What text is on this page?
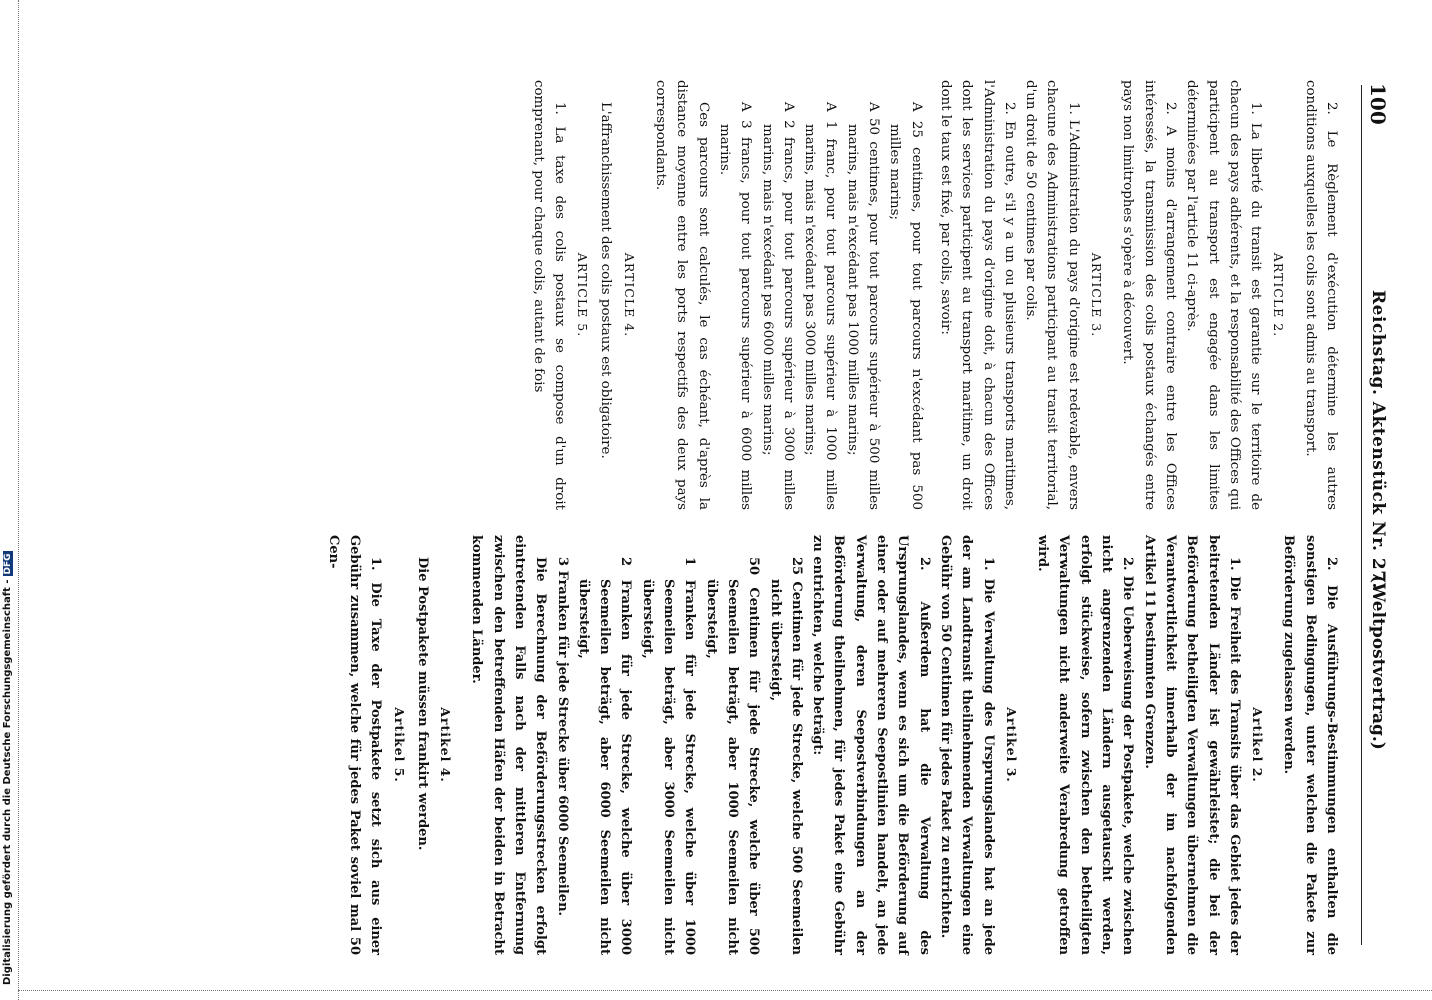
Digitalisierung gefördert durch die Deutsche Forschungsgemeinschaft -DFG
100
Reichstag. Aktenstück Nr. 27.
(Weltpostvertrag.)

2. Le Règlement d'exécution détermine les autres conditions auxquelles les colis sont admis au transport.

ARTICLE 2.

1. La liberté du transit est garantie sur le territoire de chacun des pays adhérents, et la responsabilité des Offices qui participent au transport est engagée dans les limites déterminées par l'article 11 ci-après.

2. A moins d'arrangement contraire entre les Offices intéressés, la transmission des colis postaux échangés entre pays non limitrophes s'opère à découvert.

ARTICLE 3.

1. L'Administration du pays d'origine est redevable, envers chacune des Administrations participant au transit territorial, d'un droit de 50 centimes par colis.

2. En outre, s'il y a un ou plusieurs transports maritimes, l'Administration du pays d'origine doit, à chacun des Offices dont les services participent au transport maritime, un droit dont le taux est fixé, par colis, savoir:

A 25 centimes, pour tout parcours n'excédant pas 500 milles marins;

A 50 centimes, pour tout parcours supérieur à 500 milles marins, mais n'excédant pas 1000 milles marins;

A 1 franc, pour tout parcours supérieur à 1000 milles marins, mais n'excédant pas 3000 milles marins;

A 2 francs, pour tout parcours supérieur à 3000 milles marins, mais n'excédant pas 6000 milles marins;

A 3 francs, pour tout parcours supérieur à 6000 milles marins.

Ces parcours sont calculés, le cas échéant, d'après la distance moyenne entre les ports respectifs des deux pays correspondants.

ARTICLE 4.

L'affranchissement des colis postaux est obligatoire.

ARTICLE 5.

1. La taxe des colis postaux se compose d'un droit comprenant, pour chaque colis, autant de fois

2. Die Ausführungs-Bestimmungen enthalten die sonstigen Bedingungen, unter welchen die Pakete zur Beförderung zugelassen werden.

Artikel 2.

1. Die Freiheit des Transits über das Gebiet jedes der beitretenden Länder ist gewährleistet; die bei der Beförderung betheiligten Verwaltungen übernehmen die Verantwortlichkeit innerhalb der im nachfolgenden Artikel 11 bestimmten Grenzen.

2. Die Ueberweisung der Postpakete, welche zwischen nicht angrenzenden Ländern ausgetauscht werden, erfolgt stückweise, sofern zwischen den betheiligten Verwaltungen nicht anderweite Verabredung getroffen wird.

Artikel 3.

1. Die Verwaltung des Ursprungslandes hat an jede der am Landtransit theilnehmenden Verwaltungen eine Gebühr von 50 Centimen für jedes Paket zu entrichten.

2. Außerdem hat die Verwaltung des Ursprungslandes, wenn es sich um die Beförderung auf einer oder auf mehreren Seepostlinien handelt, an jede Verwaltung, deren Seepostverbindungen an der Beförderung theilnehmen, für jedes Paket eine Gebühr zu entrichten, welche beträgt:

25 Centimen für jede Strecke, welche 500 Seemeilen nicht übersteigt,

50 Centimen für jede Strecke, welche über 500 Seemeilen beträgt, aber 1000 Seemeilen nicht übersteigt,

1 Franken für jede Strecke, welche über 1000 Seemeilen beträgt, aber 3000 Seemeilen nicht übersteigt,

2 Franken für jede Strecke, welche über 3000 Seemeilen beträgt, aber 6000 Seemeilen nicht übersteigt,

3 Franken für jede Strecke über 6000 Seemeilen.

Die Berechnung der Beförderungsstrecken erfolgt eintretenden Falls nach der mittleren Entfernung zwischen den betreffenden Häfen der beiden in Betracht kommenden Länder.

Artikel 4.

Die Postpakete müssen frankirt werden.

Artikel 5.

1. Die Taxe der Postpakete setzt sich aus einer Gebühr zusammen, welche für jedes Paket soviel mal 50 Cen-
